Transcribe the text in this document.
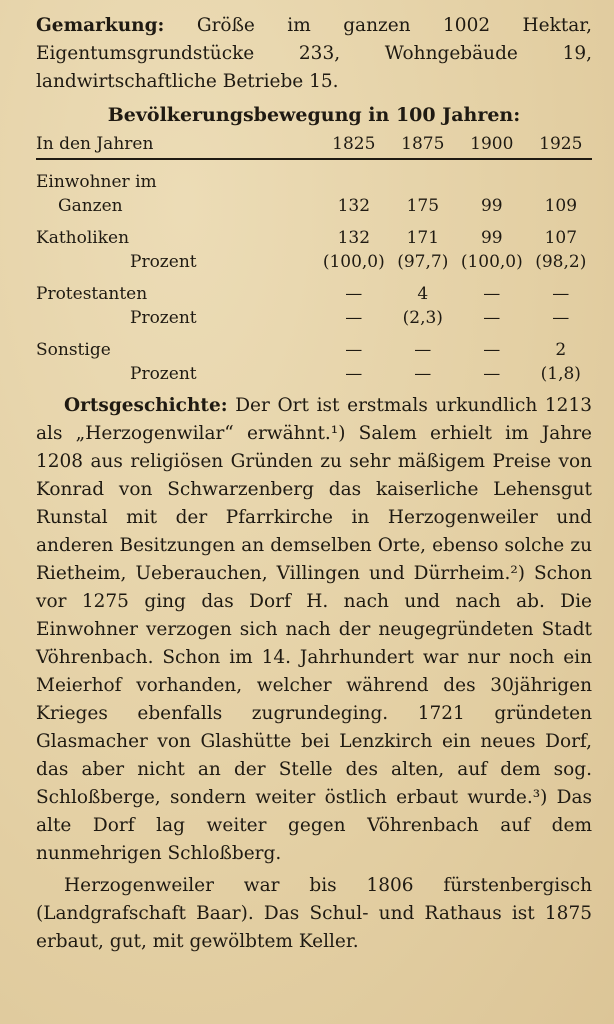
Gemarkung: Größe im ganzen 1002 Hektar, Eigentumsgrundstücke 233, Wohngebäude 19, landwirtschaftliche Betriebe 15.

Bevölkerungsbewegung in 100 Jahren:
In den Jahren	1825	1875	1900	1925
Einwohner im				
Ganzen	132	175	99	109
Katholiken	132	171	99	107
Prozent	(100,0)	(97,7)	(100,0)	(98,2)
Protestanten	—	4	—	—
Prozent	—	(2,3)	—	—
Sonstige	—	—	—	2
Prozent	—	—	—	(1,8)

Ortsgeschichte: Der Ort ist erstmals urkundlich 1213 als „Herzogenwilar“ erwähnt.¹) Salem erhielt im Jahre 1208 aus religiösen Gründen zu sehr mäßigem Preise von Konrad von Schwarzenberg das kaiserliche Lehensgut Runstal mit der Pfarrkirche in Herzogenweiler und anderen Besitzungen an demselben Orte, ebenso solche zu Rietheim, Ueberauchen, Villingen und Dürrheim.²) Schon vor 1275 ging das Dorf H. nach und nach ab. Die Einwohner verzogen sich nach der neugegründeten Stadt Vöhrenbach. Schon im 14. Jahrhundert war nur noch ein Meierhof vorhanden, welcher während des 30jährigen Krieges ebenfalls zugrundeging. 1721 gründeten Glasmacher von Glashütte bei Lenzkirch ein neues Dorf, das aber nicht an der Stelle des alten, auf dem sog. Schloßberge, sondern weiter östlich erbaut wurde.³) Das alte Dorf lag weiter gegen Vöhrenbach auf dem nunmehrigen Schloßberg.

Herzogenweiler war bis 1806 fürstenbergisch (Landgrafschaft Baar). Das Schul- und Rathaus ist 1875 erbaut, gut, mit gewölbtem Keller.
